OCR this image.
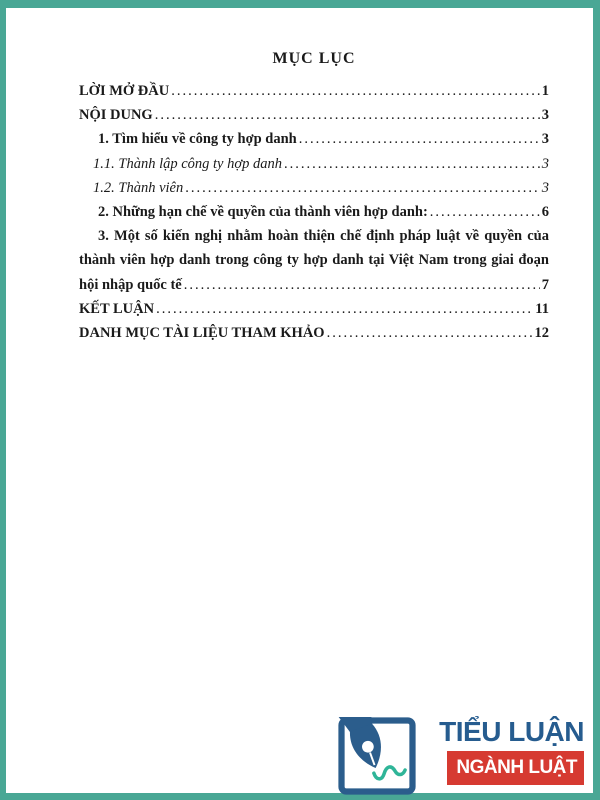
MỤC LỤC
LỜI MỞ ĐẦU .....	1
NỘI DUNG .....	3
1. Tìm hiểu về công ty hợp danh .....	3
1.1. Thành lập công ty hợp danh .....	3
1.2. Thành viên .....	3
2. Những hạn chế về quyền của thành viên hợp danh: .....	6
3. Một số kiến nghị nhằm hoàn thiện chế định pháp luật về quyền của
thành viên hợp danh trong công ty hợp danh tại Việt Nam trong giai đoạn
hội nhập quốc tế .....	7
KẾT LUẬN .....	11
DANH MỤC TÀI LIỆU THAM KHẢO .....	12
TIỂU LUẬN
NGÀNH LUẬT
